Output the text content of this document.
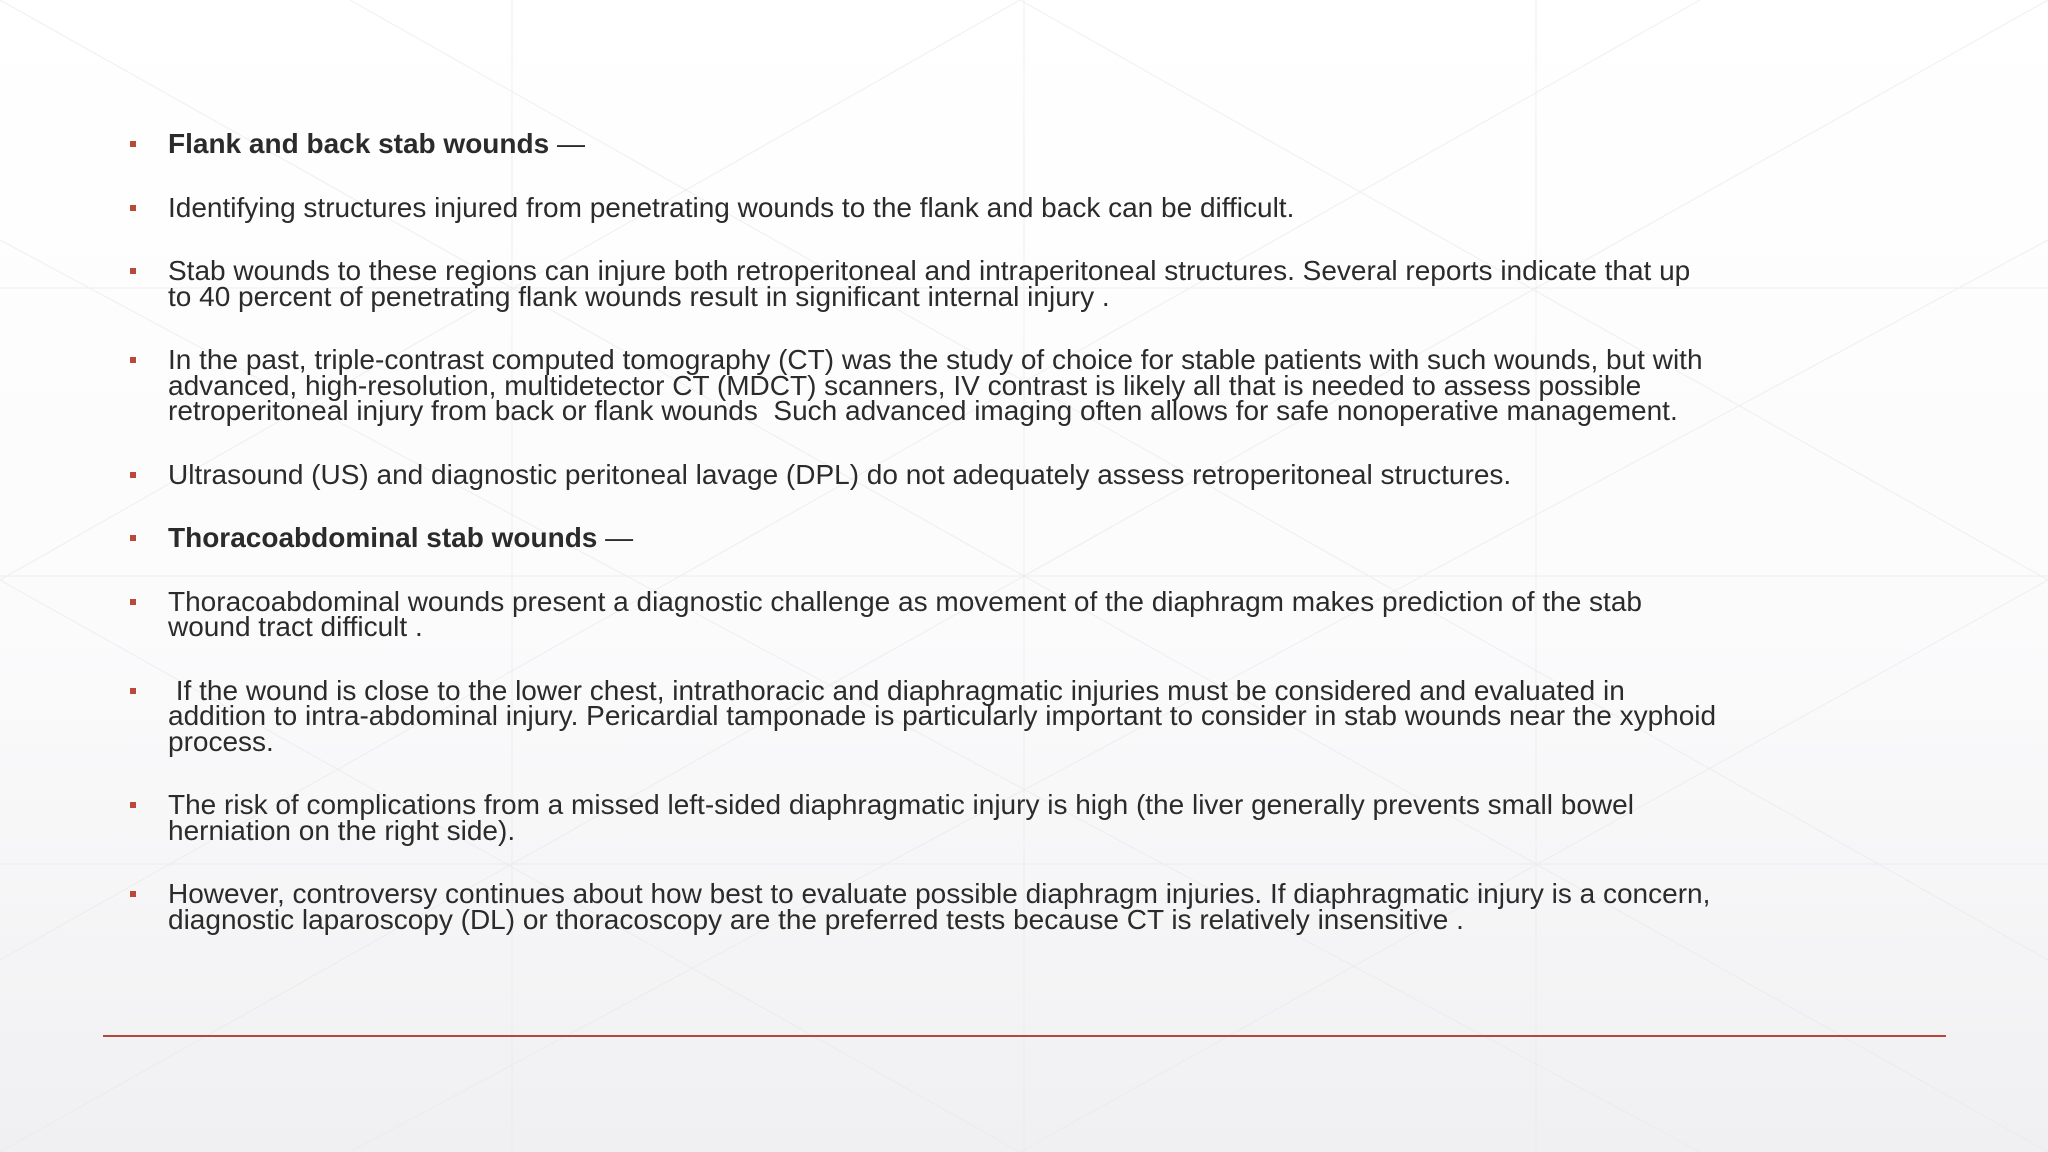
Flank and back stab wounds —
Identifying structures injured from penetrating wounds to the flank and back can be difficult.
Stab wounds to these regions can injure both retroperitoneal and intraperitoneal structures. Several reports indicate that up
to 40 percent of penetrating flank wounds result in significant internal injury .
In the past, triple-contrast computed tomography (CT) was the study of choice for stable patients with such wounds, but with
advanced, high-resolution, multidetector CT (MDCT) scanners, IV contrast is likely all that is needed to assess possible
retroperitoneal injury from back or flank wounds  Such advanced imaging often allows for safe nonoperative management.
Ultrasound (US) and diagnostic peritoneal lavage (DPL) do not adequately assess retroperitoneal structures.
Thoracoabdominal stab wounds —
Thoracoabdominal wounds present a diagnostic challenge as movement of the diaphragm makes prediction of the stab
wound tract difficult .
If the wound is close to the lower chest, intrathoracic and diaphragmatic injuries must be considered and evaluated in
addition to intra-abdominal injury. Pericardial tamponade is particularly important to consider in stab wounds near the xyphoid
process.
The risk of complications from a missed left-sided diaphragmatic injury is high (the liver generally prevents small bowel
herniation on the right side).
However, controversy continues about how best to evaluate possible diaphragm injuries. If diaphragmatic injury is a concern,
diagnostic laparoscopy (DL) or thoracoscopy are the preferred tests because CT is relatively insensitive .
